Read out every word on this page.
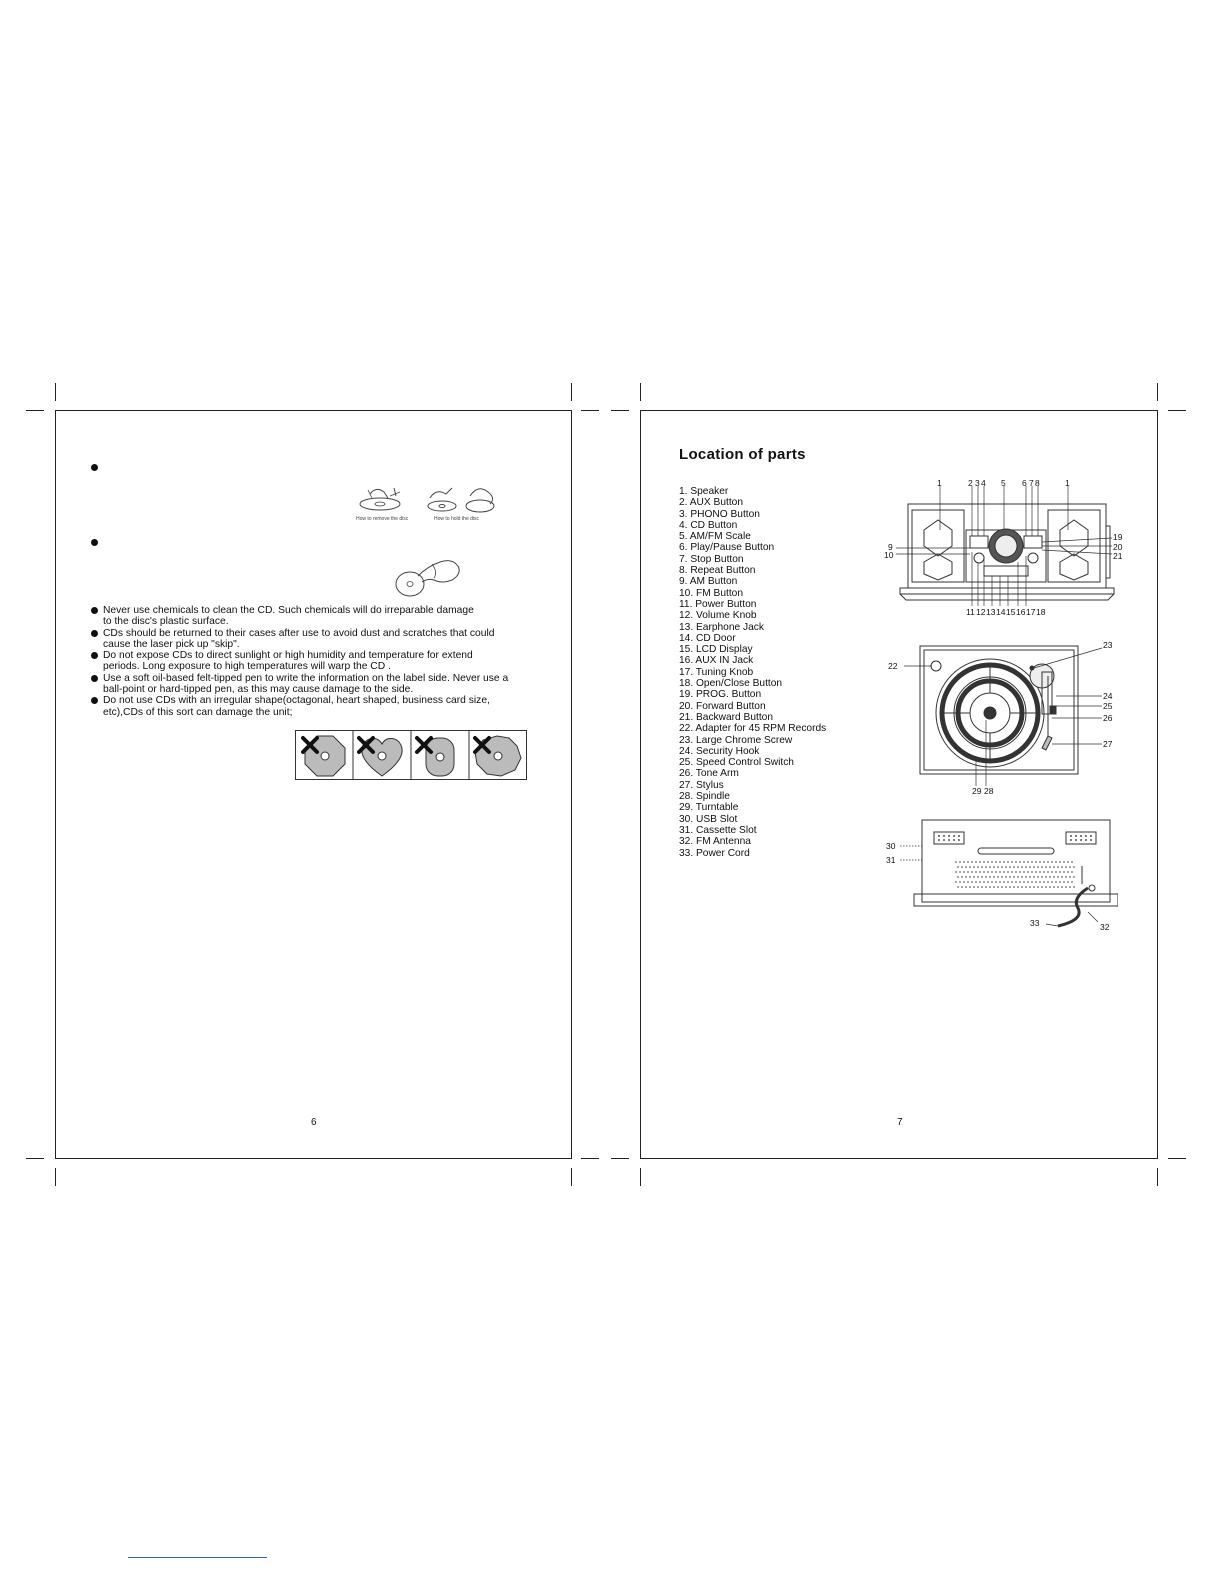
How to remove the disc	How to hold the disc
Never use chemicals to clean the CD. Such chemicals will do irreparable damage
to the disc's plastic surface.
CDs should be returned to their cases after use to avoid dust and scratches that could
cause the laser pick up "skip".
Do not expose CDs to direct sunlight or high humidity and temperature for extend
periods. Long exposure to high temperatures will warp the CD .
Use a soft oil-based felt-tipped pen to write the information on the label side. Never use a
ball-point or hard-tipped pen, as this may cause damage to the side.
Do not use CDs with an irregular shape(octagonal, heart shaped, business card size,
etc),CDs of this sort can damage the unit;
6
Location of parts
1. Speaker
2. AUX Button
3. PHONO Button
4. CD Button
5. AM/FM Scale
6. Play/Pause Button
7. Stop Button
8. Repeat Button
9. AM Button
10. FM Button
11. Power Button
12. Volume Knob
13. Earphone Jack
14. CD Door
15. LCD Display
16. AUX IN Jack
17. Tuning Knob
18. Open/Close Button
19. PROG. Button
20. Forward Button
21. Backward Button
22. Adapter for 45 RPM Records
23. Large Chrome Screw
24. Security Hook
25. Speed Control Switch
26. Tone Arm
27. Stylus
28. Spindle
29. Turntable
30. USB Slot
31. Cassette Slot
32. FM Antenna
33. Power Cord
1	2 3 4 5 6 7 8	1
9
10
19
20
21
11 12 13 14 15 16 17 18
22
23
24
25
26
27
29 28
30
31
33	32
7
